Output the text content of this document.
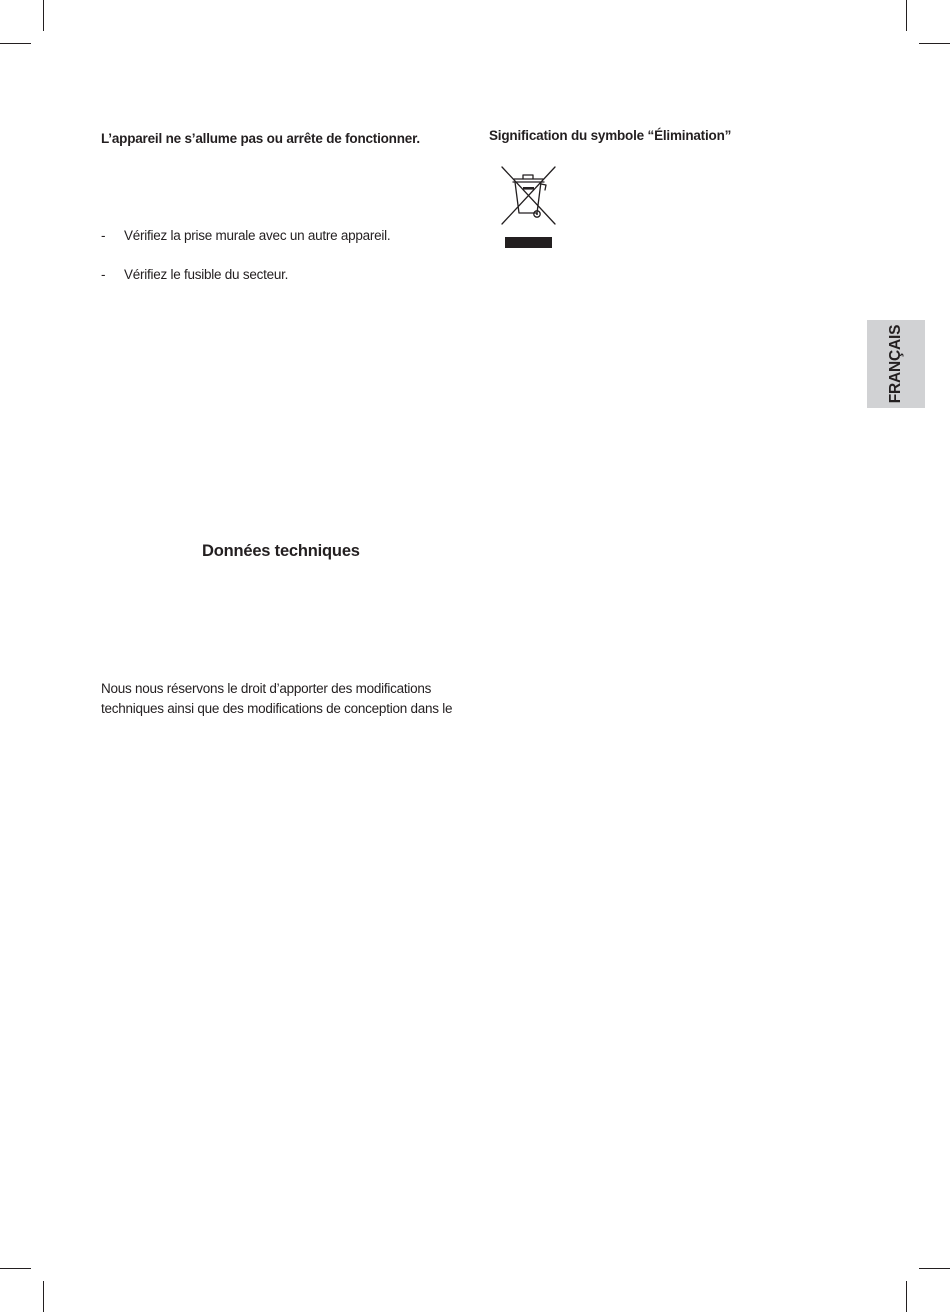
L’appareil ne s’allume pas ou arrête de fonctionner.
- Vérifiez la prise murale avec un autre appareil.
- Vérifiez le fusible du secteur.
Données techniques
Nous nous réservons le droit d’apporter des modifications
techniques ainsi que des modifications de conception dans le
Signification du symbole “Élimination”
FRANÇAIS
